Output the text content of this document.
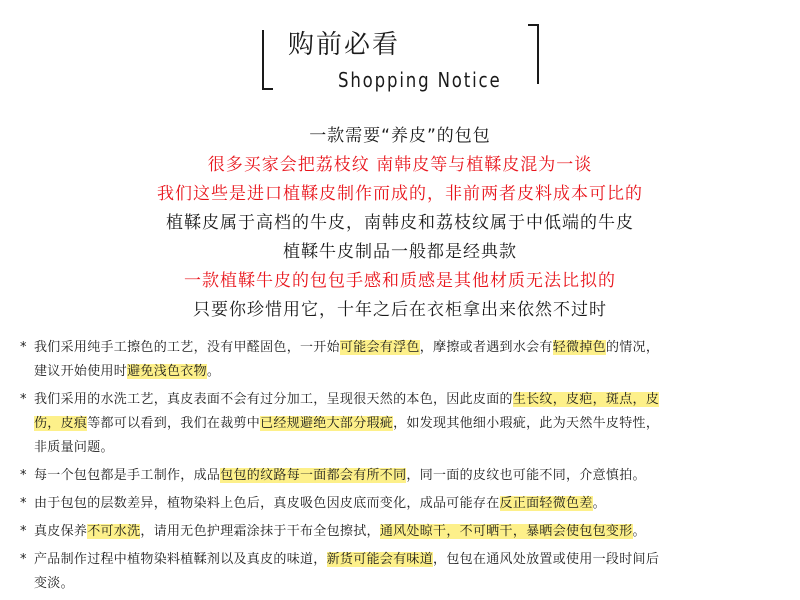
购前必看
Shopping Notice
一款需要“养皮”的包包
很多买家会把荔枝纹 南韩皮等与植鞣皮混为一谈
我们这些是进口植鞣皮制作而成的，非前两者皮料成本可比的
植鞣皮属于高档的牛皮，南韩皮和荔枝纹属于中低端的牛皮
植鞣牛皮制品一般都是经典款
一款植鞣牛皮的包包手感和质感是其他材质无法比拟的
只要你珍惜用它，十年之后在衣柜拿出来依然不过时
* 我们采用纯手工擦色的工艺，没有甲醛固色，一开始可能会有浮色，摩擦或者遇到水会有轻微掉色的情况，
建议开始使用时避免浅色衣物。
* 我们采用的水洗工艺，真皮表面不会有过分加工，呈现很天然的本色，因此皮面的生长纹，皮疤，斑点，皮
伤，皮痕等都可以看到，我们在裁剪中已经规避绝大部分瑕疵，如发现其他细小瑕疵，此为天然牛皮特性，
非质量问题。
* 每一个包包都是手工制作，成品包包的纹路每一面都会有所不同，同一面的皮纹也可能不同，介意慎拍。
* 由于包包的层数差异，植物染料上色后，真皮吸色因皮底而变化，成品可能存在反正面轻微色差。
* 真皮保养不可水洗，请用无色护理霜涂抹于干布全包擦拭，通风处晾干，不可晒干，暴晒会使包包变形。
* 产品制作过程中植物染料植鞣剂以及真皮的味道，新货可能会有味道，包包在通风处放置或使用一段时间后
变淡。
